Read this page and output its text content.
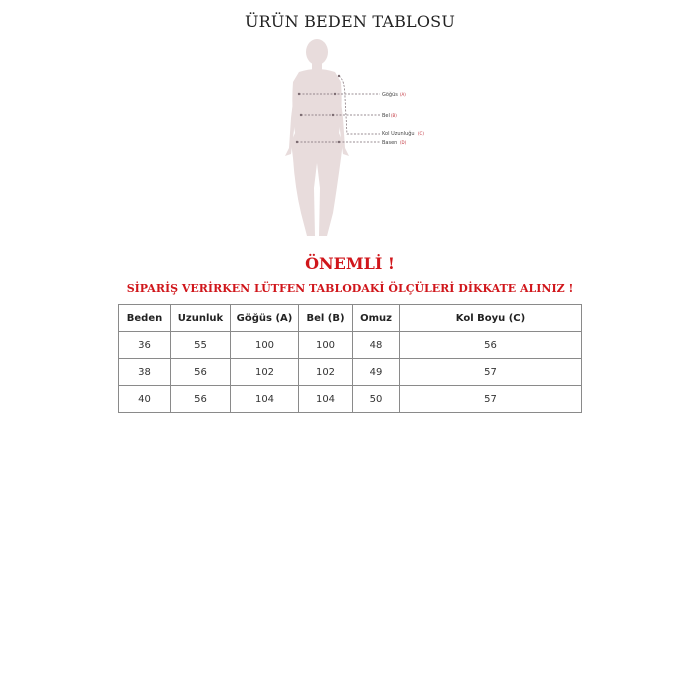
ÜRÜN BEDEN TABLOSU
Göğüs (A)
Bel (B)
Kol Uzunluğu (C)
Basen (D)
ÖNEMLİ !
SİPARİŞ VERİRKEN LÜTFEN TABLODAKİ ÖLÇÜLERİ DİKKATE ALINIZ !
Beden	Uzunluk	Göğüs (A)	Bel (B)	Omuz	Kol Boyu (C)
36	55	100	100	48	56
38	56	102	102	49	57
40	56	104	104	50	57
